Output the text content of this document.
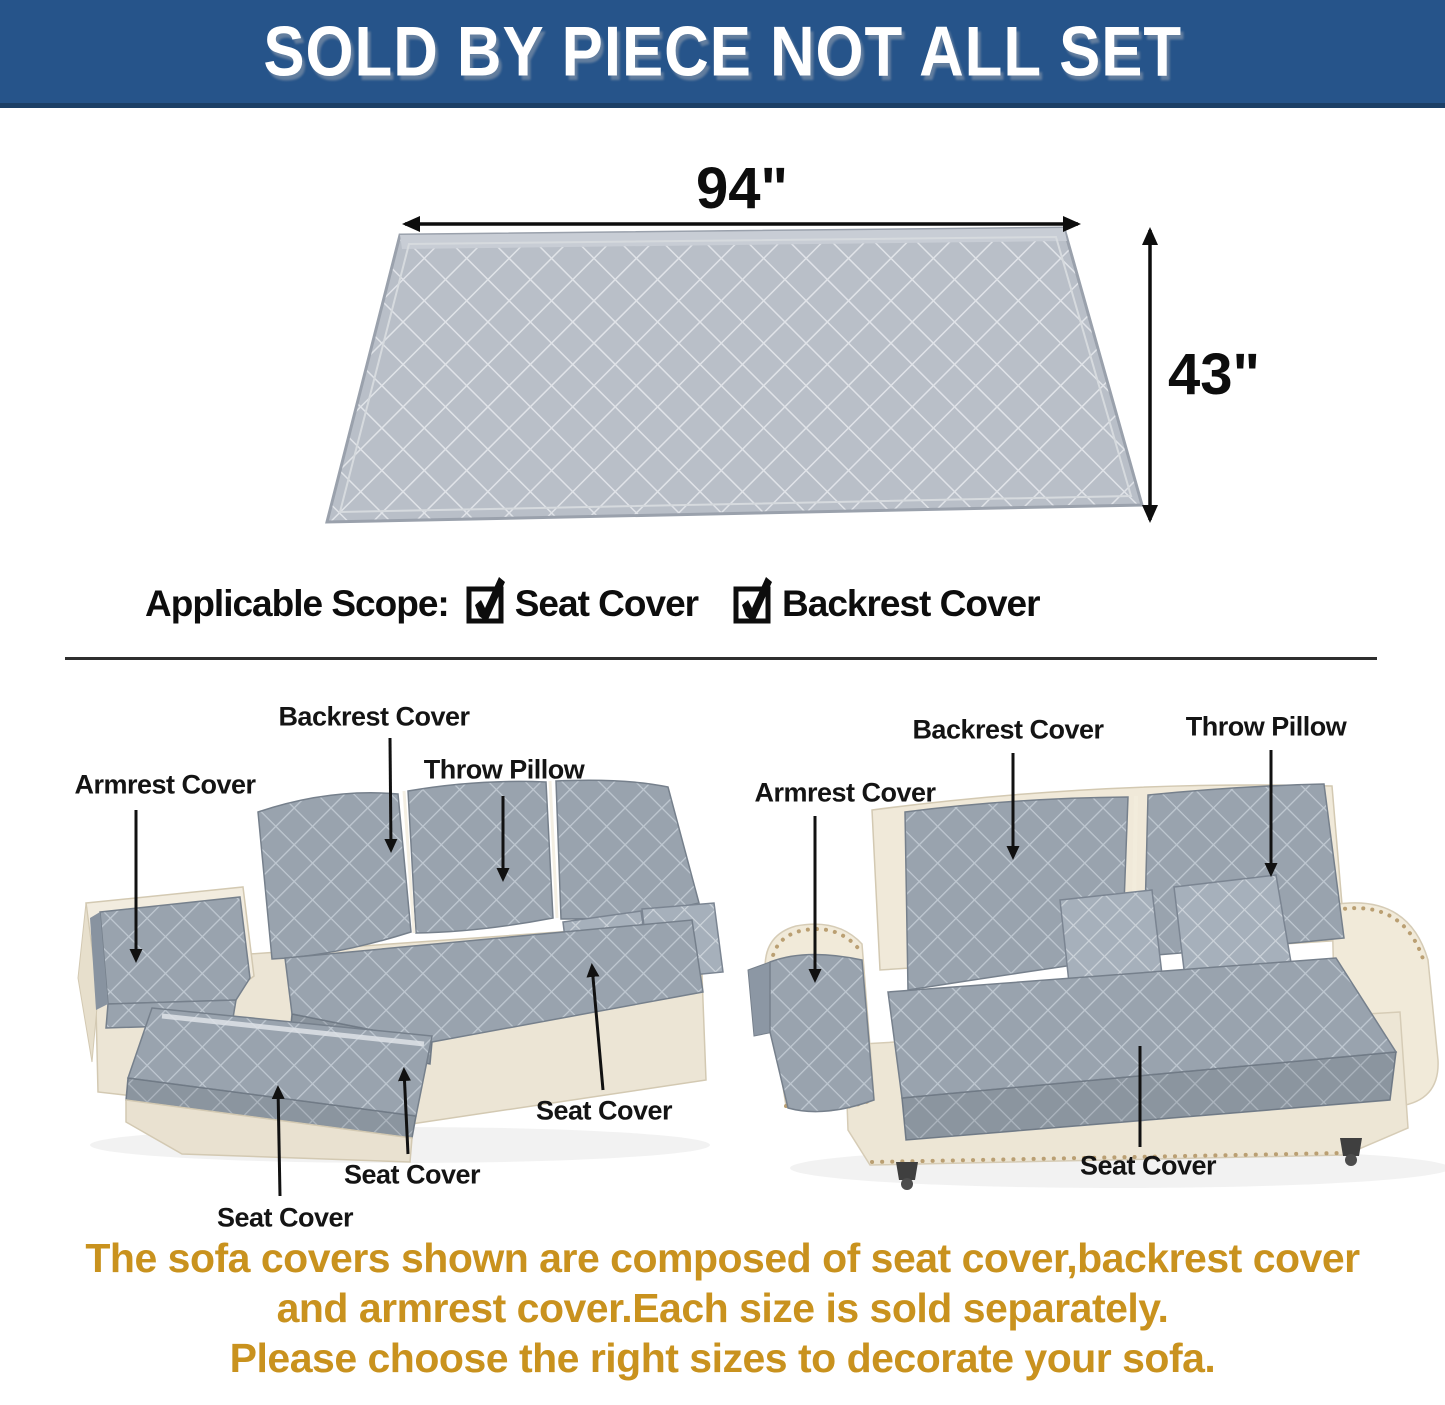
SOLD BY PIECE NOT ALL SET
94"
43"
Applicable Scope: Seat Cover Backrest Cover
Backrest Cover
Armrest Cover	Throw Pillow
Seat Cover
Seat Cover
Seat Cover
Backrest Cover	Throw Pillow
Armrest Cover
Seat Cover

The sofa covers shown are composed of seat cover,backrest cover

and armrest cover.Each size is sold separately.

Please choose the right sizes to decorate your sofa.
